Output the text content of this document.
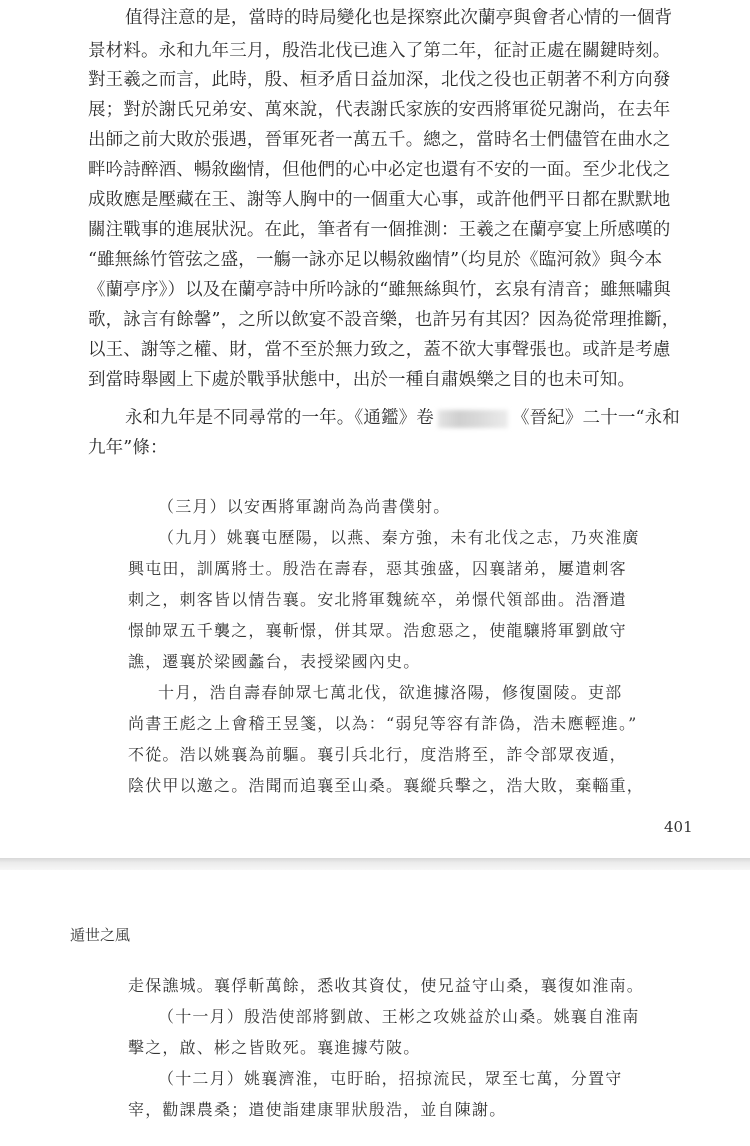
值得注意的是，當時的時局變化也是探察此次蘭亭與會者心情的一個背
景材料。永和九年三月，殷浩北伐已進入了第二年，征討正處在關鍵時刻。
對王羲之而言，此時，殷、桓矛盾日益加深，北伐之役也正朝著不利方向發
展；對於謝氏兄弟安、萬來說，代表謝氏家族的安西將軍從兄謝尚，在去年
出師之前大敗於張遇，晉軍死者一萬五千。總之，當時名士們儘管在曲水之
畔吟詩醉酒、暢敘幽情，但他們的心中必定也還有不安的一面。至少北伐之
成敗應是壓藏在王、謝等人胸中的一個重大心事，或許他們平日都在默默地
關注戰事的進展狀況。在此，筆者有一個推測：王羲之在蘭亭宴上所感嘆的
“雖無絲竹管弦之盛，一觴一詠亦足以暢敘幽情”（均見於《臨河敘》與今本
《蘭亭序》）以及在蘭亭詩中所吟詠的“雖無絲與竹，玄泉有清音；雖無嘯與
歌，詠言有餘馨”，之所以飲宴不設音樂，也許另有其因？因為從常理推斷，
以王、謝等之權、財，當不至於無力致之，蓋不欲大事聲張也。或許是考慮
到當時舉國上下處於戰爭狀態中，出於一種自肅娛樂之目的也未可知。
永和九年是不同尋常的一年。《通鑑》卷	《晉紀》二十一“永和
九年”條：
（三月）以安西將軍謝尚為尚書僕射。
（九月）姚襄屯歷陽，以燕、秦方強，未有北伐之志，乃夾淮廣
興屯田，訓厲將士。殷浩在壽春，惡其強盛，囚襄諸弟，屢遣刺客
刺之，刺客皆以情告襄。安北將軍魏統卒，弟憬代領部曲。浩潛遣
憬帥眾五千襲之，襄斬憬，併其眾。浩愈惡之，使龍驤將軍劉啟守
譙，遷襄於梁國蠡台，表授梁國內史。
十月，浩自壽春帥眾七萬北伐，欲進據洛陽，修復園陵。吏部
尚書王彪之上會稽王昱箋，以為：“弱兒等容有詐偽，浩未應輕進。”
不從。浩以姚襄為前驅。襄引兵北行，度浩將至，詐令部眾夜遁，
陰伏甲以邀之。浩聞而追襄至山桑。襄縱兵擊之，浩大敗，棄輜重，
401
遁世之風
走保譙城。襄俘斬萬餘，悉收其資仗，使兄益守山桑，襄復如淮南。
（十一月）殷浩使部將劉啟、王彬之攻姚益於山桑。姚襄自淮南
擊之，啟、彬之皆敗死。襄進據芍陂。
（十二月）姚襄濟淮，屯盱眙，招掠流民，眾至七萬，分置守
宰，勸課農桑；遣使詣建康罪狀殷浩，並自陳謝。
